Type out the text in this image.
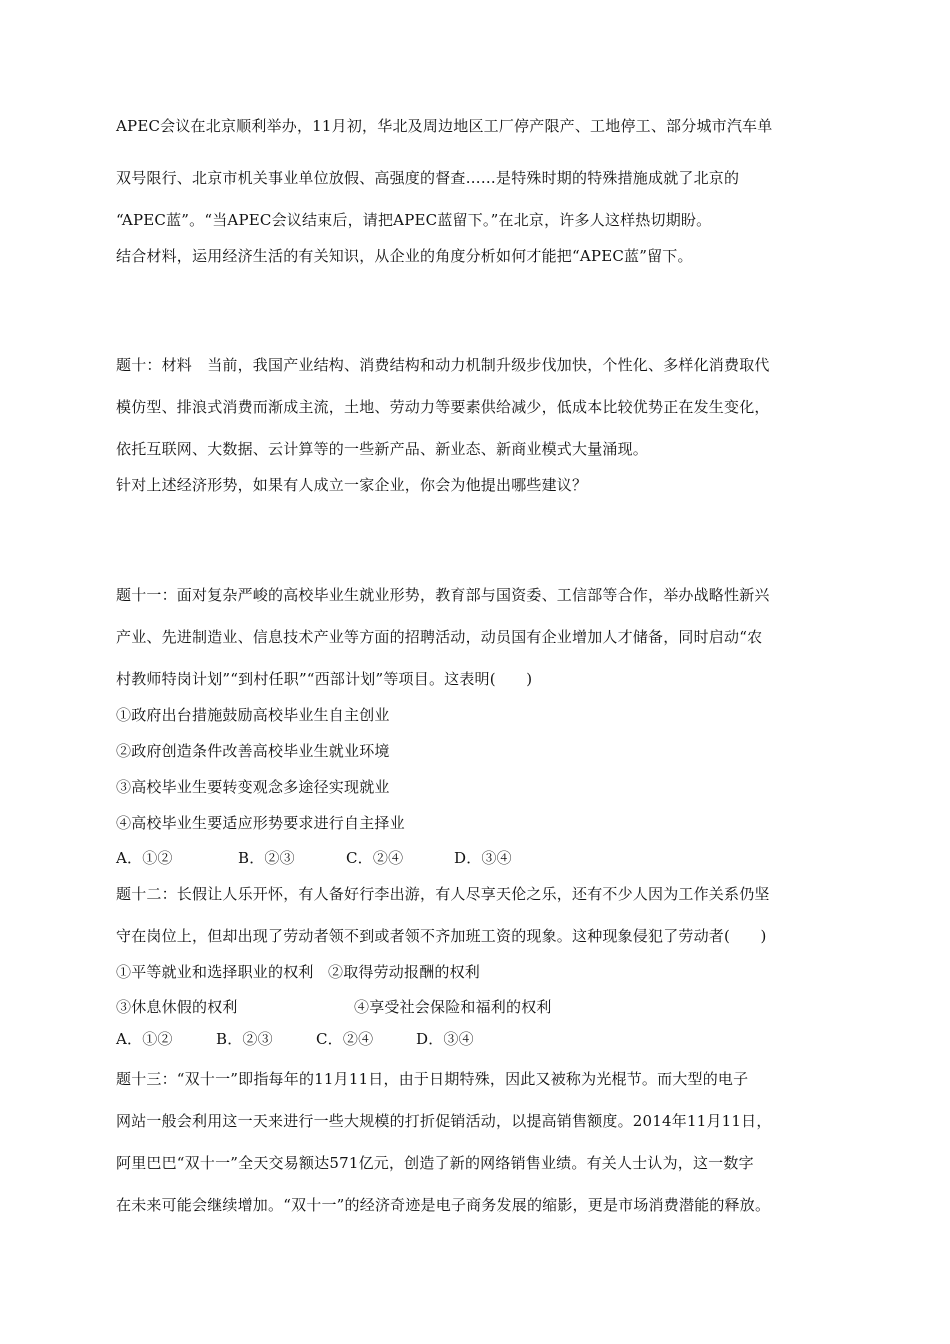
APEC会议在北京顺利举办，11月初，华北及周边地区工厂停产限产、工地停工、部分城市汽车单
双号限行、北京市机关事业单位放假、高强度的督查……是特殊时期的特殊措施成就了北京的
“APEC蓝”。“当APEC会议结束后，请把APEC蓝留下。”在北京，许多人这样热切期盼。
结合材料，运用经济生活的有关知识，从企业的角度分析如何才能把“APEC蓝”留下。
题十：材料　当前，我国产业结构、消费结构和动力机制升级步伐加快，个性化、多样化消费取代
模仿型、排浪式消费而渐成主流，土地、劳动力等要素供给减少，低成本比较优势正在发生变化，
依托互联网、大数据、云计算等的一些新产品、新业态、新商业模式大量涌现。
针对上述经济形势，如果有人成立一家企业，你会为他提出哪些建议？
题十一：面对复杂严峻的高校毕业生就业形势，教育部与国资委、工信部等合作，举办战略性新兴
产业、先进制造业、信息技术产业等方面的招聘活动，动员国有企业增加人才储备，同时启动“农
村教师特岗计划”“到村任职”“西部计划”等项目。这表明(　　)
①政府出台措施鼓励高校毕业生自主创业
②政府创造条件改善高校毕业生就业环境
③高校毕业生要转变观念多途径实现就业
④高校毕业生要适应形势要求进行自主择业
A．①②	B．②③	C．②④	D．③④
题十二：长假让人乐开怀，有人备好行李出游，有人尽享天伦之乐，还有不少人因为工作关系仍坚
守在岗位上，但却出现了劳动者领不到或者领不齐加班工资的现象。这种现象侵犯了劳动者(　　)
①平等就业和选择职业的权利 ②取得劳动报酬的权利
③休息休假的权利	④享受社会保险和福利的权利
A．①②	B．②③	C．②④	D．③④
题十三：“双十一”即指每年的11月11日，由于日期特殊，因此又被称为光棍节。而大型的电子
网站一般会利用这一天来进行一些大规模的打折促销活动，以提高销售额度。2014年11月11日，
阿里巴巴“双十一”全天交易额达571亿元，创造了新的网络销售业绩。有关人士认为，这一数字
在未来可能会继续增加。“双十一”的经济奇迹是电子商务发展的缩影，更是市场消费潜能的释放。
